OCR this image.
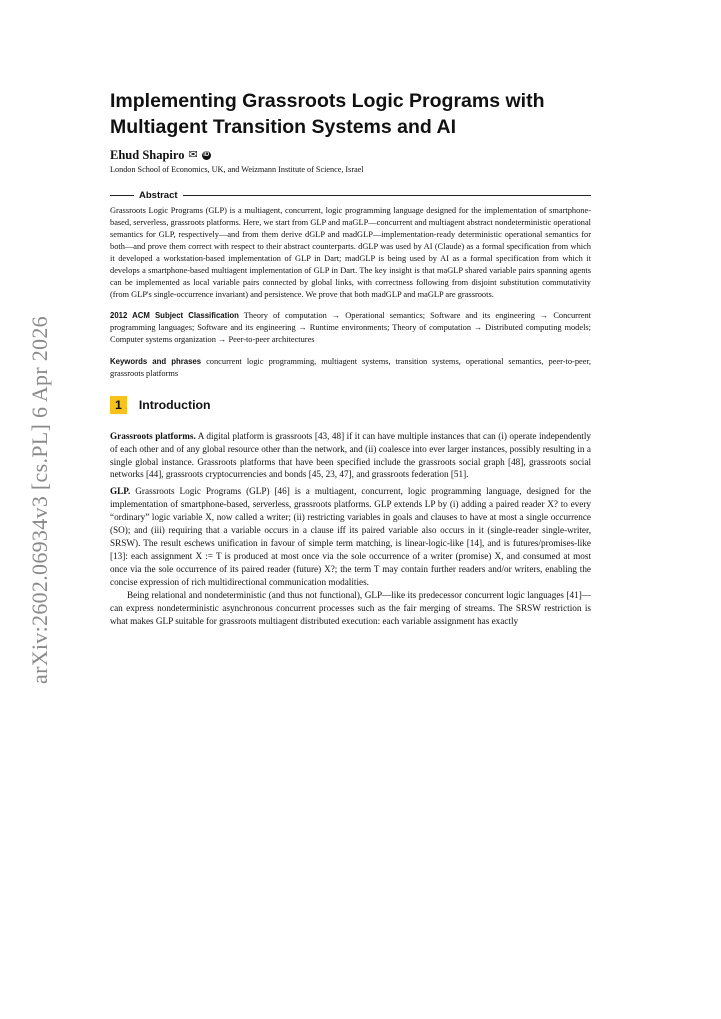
arXiv:2602.06934v3 [cs.PL] 6 Apr 2026
Implementing Grassroots Logic Programs with
Multiagent Transition Systems and AI
Ehud Shapiro ✉ iD
London School of Economics, UK, and Weizmann Institute of Science, Israel
Abstract
Grassroots Logic Programs (GLP) is a multiagent, concurrent, logic programming language designed for the implementation of smartphone-based, serverless, grassroots platforms. Here, we start from GLP and maGLP—concurrent and multiagent abstract nondeterministic operational semantics for GLP, respectively—and from them derive dGLP and madGLP—implementation-ready deterministic operational semantics for both—and prove them correct with respect to their abstract counterparts. dGLP was used by AI (Claude) as a formal specification from which it developed a workstation-based implementation of GLP in Dart; madGLP is being used by AI as a formal specification from which it develops a smartphone-based multiagent implementation of GLP in Dart. The key insight is that maGLP shared variable pairs spanning agents can be implemented as local variable pairs connected by global links, with correctness following from disjoint substitution commutativity (from GLP's single-occurrence invariant) and persistence. We prove that both madGLP and maGLP are grassroots.
2012 ACM Subject Classification Theory of computation → Operational semantics; Software and its engineering → Concurrent programming languages; Software and its engineering → Runtime environments; Theory of computation → Distributed computing models; Computer systems organization → Peer-to-peer architectures
Keywords and phrases concurrent logic programming, multiagent systems, transition systems, operational semantics, peer-to-peer, grassroots platforms
1	Introduction

Grassroots platforms. A digital platform is grassroots [43, 48] if it can have multiple instances that can (i) operate independently of each other and of any global resource other than the network, and (ii) coalesce into ever larger instances, possibly resulting in a single global instance. Grassroots platforms that have been specified include the grassroots social graph [48], grassroots social networks [44], grassroots cryptocurrencies and bonds [45, 23, 47], and grassroots federation [51].

GLP. Grassroots Logic Programs (GLP) [46] is a multiagent, concurrent, logic programming language, designed for the implementation of smartphone-based, serverless, grassroots platforms. GLP extends LP by (i) adding a paired reader X? to every “ordinary” logic variable X, now called a writer; (ii) restricting variables in goals and clauses to have at most a single occurrence (SO); and (iii) requiring that a variable occurs in a clause iff its paired variable also occurs in it (single-reader single-writer, SRSW). The result eschews unification in favour of simple term matching, is linear-logic-like [14], and is futures/promises-like [13]: each assignment X := T is produced at most once via the sole occurrence of a writer (promise) X, and consumed at most once via the sole occurrence of its paired reader (future) X?; the term T may contain further readers and/or writers, enabling the concise expression of rich multidirectional communication modalities.

Being relational and nondeterministic (and thus not functional), GLP—like its predecessor concurrent logic languages [41]—can express nondeterministic asynchronous concurrent processes such as the fair merging of streams. The SRSW restriction is what makes GLP suitable for grassroots multiagent distributed execution: each variable assignment has exactly
